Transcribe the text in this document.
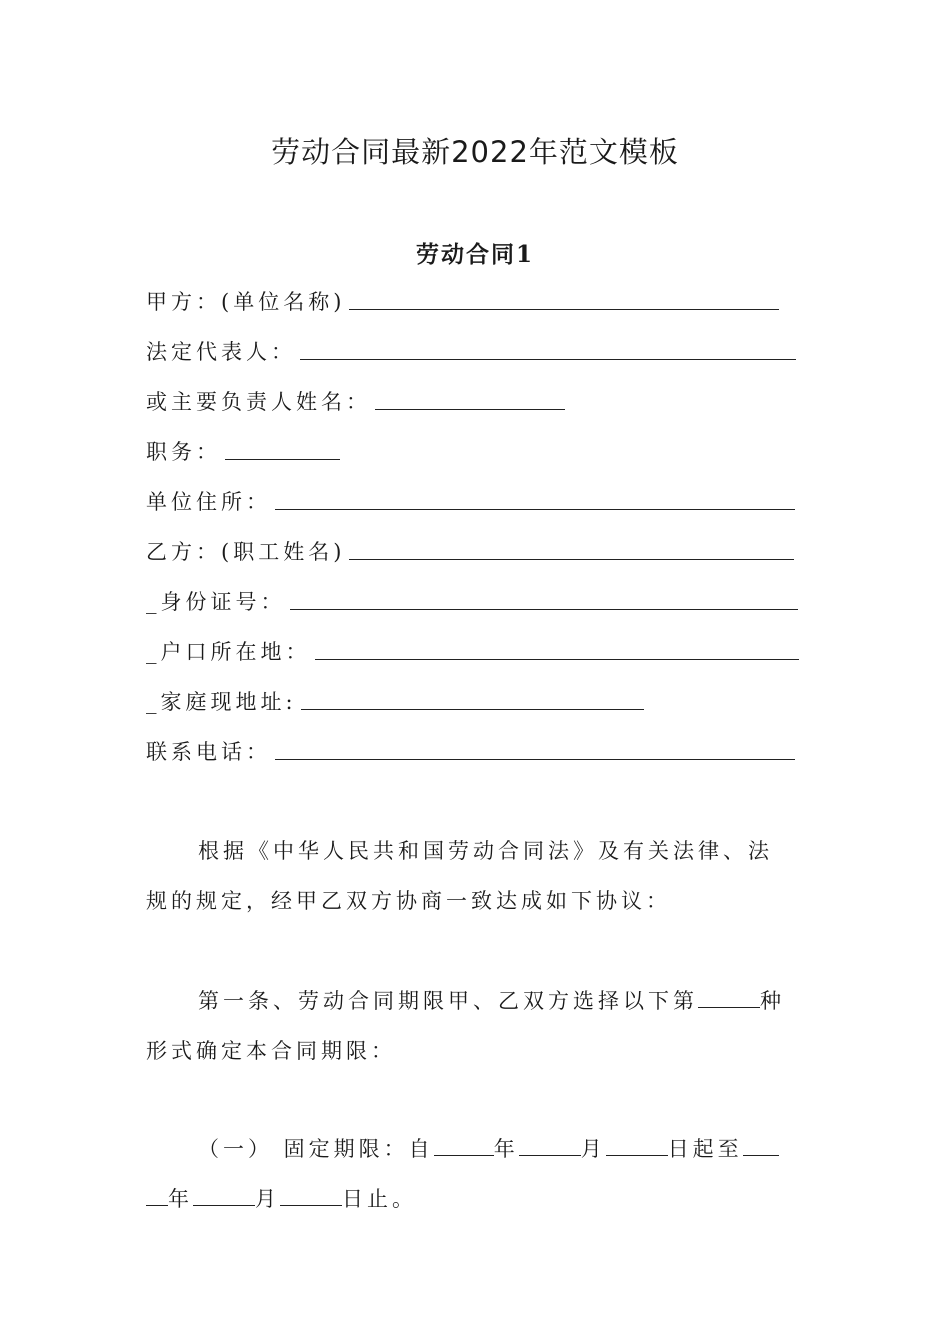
劳动合同最新2022年范文模板
劳动合同1
甲方：(单位名称)
法定代表人：
或主要负责人姓名：
职务：
单位住所：
乙方：(职工姓名)
_身份证号：
_户口所在地：
_家庭现地址:
联系电话：
根据《中华人民共和国劳动合同法》及有关法律、法
规的规定，经甲乙双方协商一致达成如下协议：
第一条、劳动合同期限甲、乙双方选择以下第	种
形式确定本合同期限：
（一） 固定期限：自	年	月	日起至
年	月	日止。
